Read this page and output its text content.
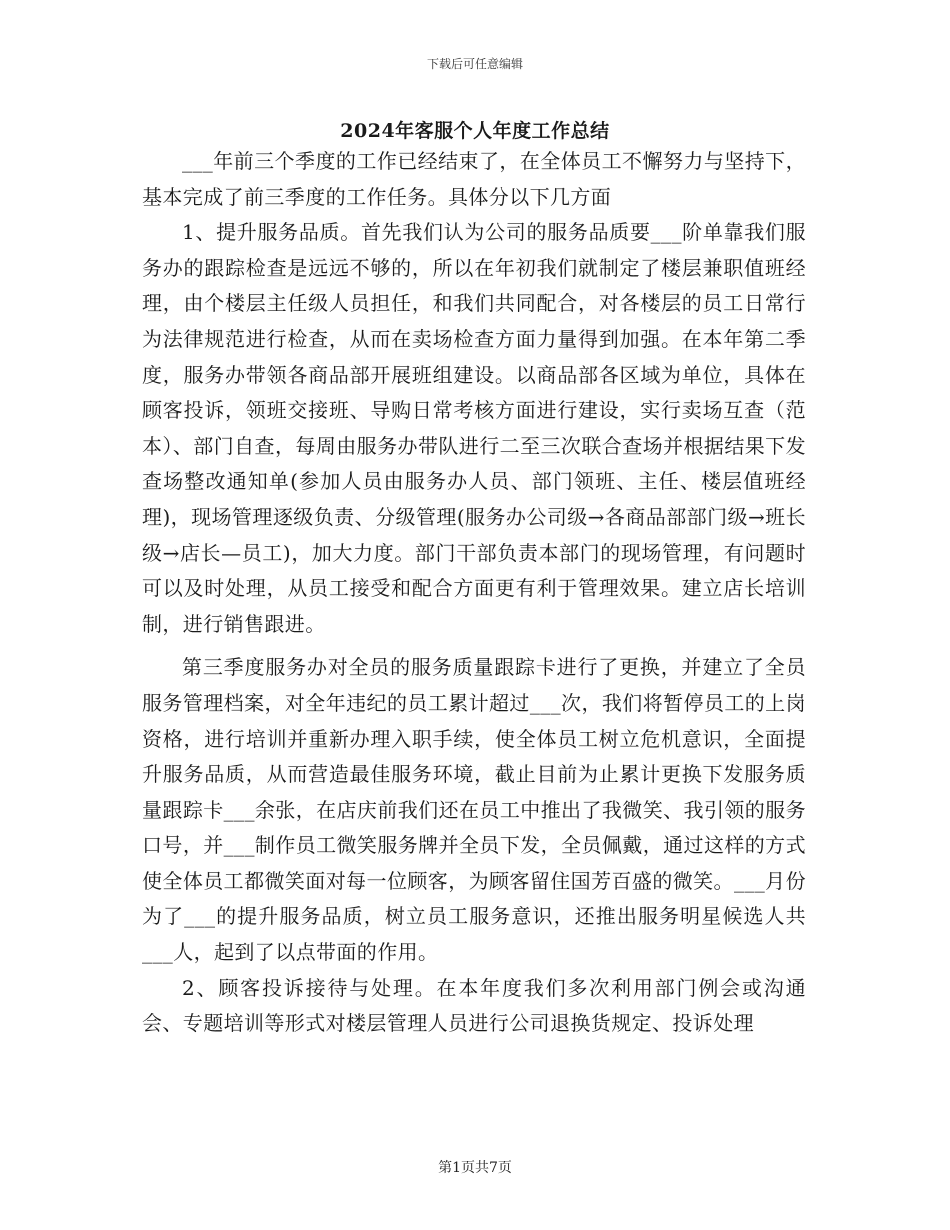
下载后可任意编辑
2024年客服个人年度工作总结

___年前三个季度的工作已经结束了，在全体员工不懈努力与坚持下，基本完成了前三季度的工作任务。具体分以下几方面

1、提升服务品质。首先我们认为公司的服务品质要___阶单靠我们服务办的跟踪检查是远远不够的，所以在年初我们就制定了楼层兼职值班经理，由个楼层主任级人员担任，和我们共同配合，对各楼层的员工日常行为法律规范进行检查，从而在卖场检查方面力量得到加强。在本年第二季度，服务办带领各商品部开展班组建设。以商品部各区域为单位，具体在顾客投诉，领班交接班、导购日常考核方面进行建设，实行卖场互查（范本）、部门自查，每周由服务办带队进行二至三次联合查场并根据结果下发查场整改通知单(参加人员由服务办人员、部门领班、主任、楼层值班经理)，现场管理逐级负责、分级管理(服务办公司级→各商品部部门级→班长级→店长—员工)，加大力度。部门干部负责本部门的现场管理，有问题时可以及时处理，从员工接受和配合方面更有利于管理效果。建立店长培训制，进行销售跟进。

第三季度服务办对全员的服务质量跟踪卡进行了更换，并建立了全员服务管理档案，对全年违纪的员工累计超过___次，我们将暂停员工的上岗资格，进行培训并重新办理入职手续，使全体员工树立危机意识，全面提升服务品质，从而营造最佳服务环境，截止目前为止累计更换下发服务质量跟踪卡___余张，在店庆前我们还在员工中推出了我微笑、我引领的服务口号，并___制作员工微笑服务牌并全员下发，全员佩戴，通过这样的方式使全体员工都微笑面对每一位顾客，为顾客留住国芳百盛的微笑。___月份为了___的提升服务品质，树立员工服务意识，还推出服务明星候选人共___人，起到了以点带面的作用。

2、顾客投诉接待与处理。在本年度我们多次利用部门例会或沟通会、专题培训等形式对楼层管理人员进行公司退换货规定、投诉处理

第1页共7页
